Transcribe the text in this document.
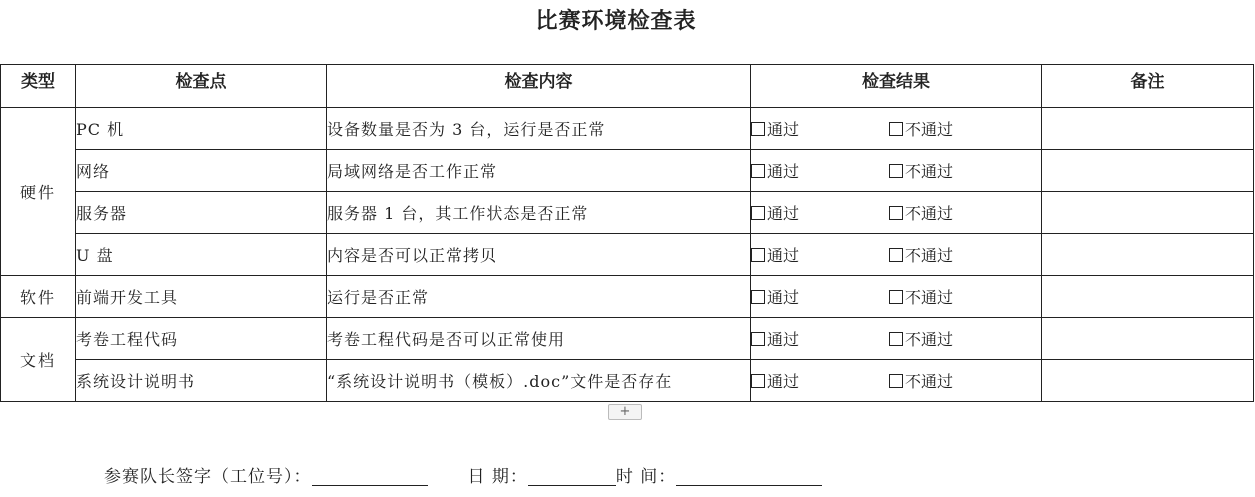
比赛环境检查表
类型	检查点	检查内容	检查结果	备注
硬件	PC 机	设备数量是否为 3 台，运行是否正常	通过 不通过	
	网络	局域网络是否工作正常	通过 不通过	
	服务器	服务器 1 台，其工作状态是否正常	通过 不通过	
	U 盘	内容是否可以正常拷贝	通过 不通过	
软件	前端开发工具	运行是否正常	通过 不通过	
文档	考卷工程代码	考卷工程代码是否可以正常使用	通过 不通过	
	系统设计说明书	“系统设计说明书（模板）.doc”文件是否存在	通过 不通过	
+
参赛队长签字（工位号）：	日 期：	时 间：
